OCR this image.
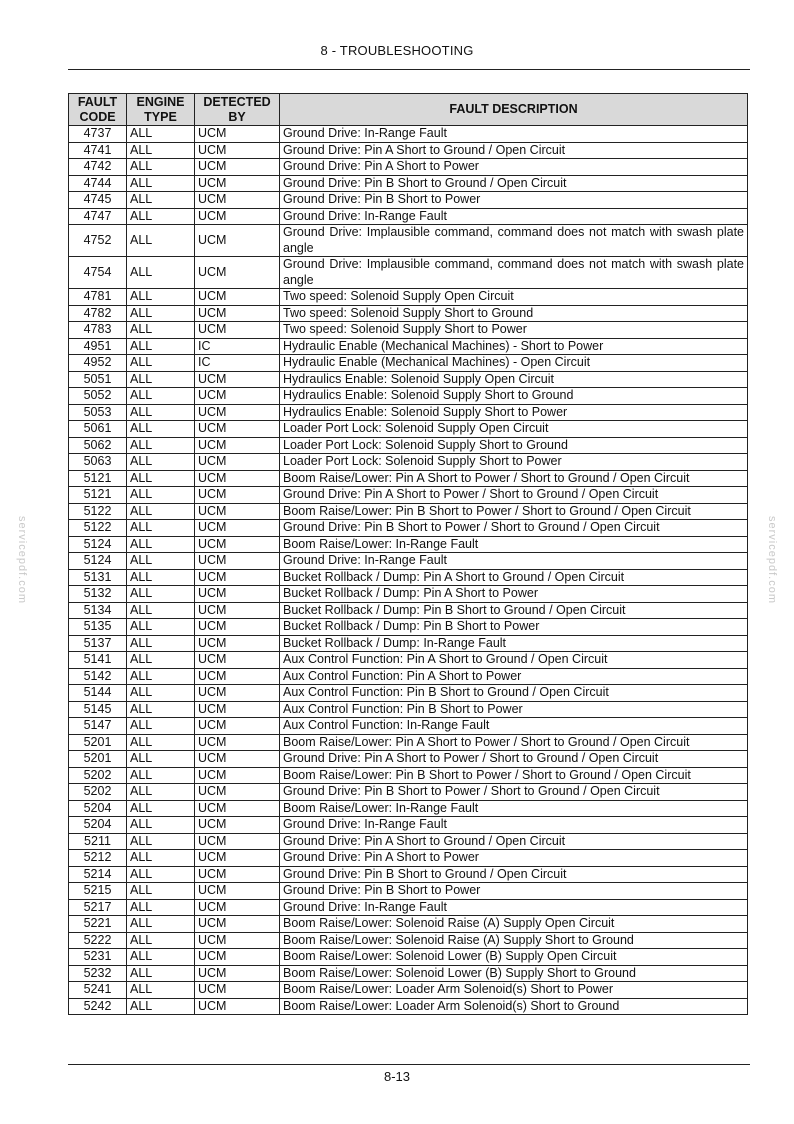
8 - TROUBLESHOOTING
servicepdf.com	servicepdf.com
FAULT CODE	ENGINE TYPE	DETECTED BY	FAULT DESCRIPTION
4737	ALL	UCM	Ground Drive: In-Range Fault
4741	ALL	UCM	Ground Drive: Pin A Short to Ground / Open Circuit
4742	ALL	UCM	Ground Drive: Pin A Short to Power
4744	ALL	UCM	Ground Drive: Pin B Short to Ground / Open Circuit
4745	ALL	UCM	Ground Drive: Pin B Short to Power
4747	ALL	UCM	Ground Drive: In-Range Fault
4752	ALL	UCM	Ground Drive: Implausible command, command does not match with swash plate angle
4754	ALL	UCM	Ground Drive: Implausible command, command does not match with swash plate angle
4781	ALL	UCM	Two speed: Solenoid Supply Open Circuit
4782	ALL	UCM	Two speed: Solenoid Supply Short to Ground
4783	ALL	UCM	Two speed: Solenoid Supply Short to Power
4951	ALL	IC	Hydraulic Enable (Mechanical Machines) - Short to Power
4952	ALL	IC	Hydraulic Enable (Mechanical Machines) - Open Circuit
5051	ALL	UCM	Hydraulics Enable: Solenoid Supply Open Circuit
5052	ALL	UCM	Hydraulics Enable: Solenoid Supply Short to Ground
5053	ALL	UCM	Hydraulics Enable: Solenoid Supply Short to Power
5061	ALL	UCM	Loader Port Lock: Solenoid Supply Open Circuit
5062	ALL	UCM	Loader Port Lock: Solenoid Supply Short to Ground
5063	ALL	UCM	Loader Port Lock: Solenoid Supply Short to Power
5121	ALL	UCM	Boom Raise/Lower: Pin A Short to Power / Short to Ground / Open Circuit
5121	ALL	UCM	Ground Drive: Pin A Short to Power / Short to Ground / Open Circuit
5122	ALL	UCM	Boom Raise/Lower: Pin B Short to Power / Short to Ground / Open Circuit
5122	ALL	UCM	Ground Drive: Pin B Short to Power / Short to Ground / Open Circuit
5124	ALL	UCM	Boom Raise/Lower: In-Range Fault
5124	ALL	UCM	Ground Drive: In-Range Fault
5131	ALL	UCM	Bucket Rollback / Dump: Pin A Short to Ground / Open Circuit
5132	ALL	UCM	Bucket Rollback / Dump: Pin A Short to Power
5134	ALL	UCM	Bucket Rollback / Dump: Pin B Short to Ground / Open Circuit
5135	ALL	UCM	Bucket Rollback / Dump: Pin B Short to Power
5137	ALL	UCM	Bucket Rollback / Dump: In-Range Fault
5141	ALL	UCM	Aux Control Function: Pin A Short to Ground / Open Circuit
5142	ALL	UCM	Aux Control Function: Pin A Short to Power
5144	ALL	UCM	Aux Control Function: Pin B Short to Ground / Open Circuit
5145	ALL	UCM	Aux Control Function: Pin B Short to Power
5147	ALL	UCM	Aux Control Function: In-Range Fault
5201	ALL	UCM	Boom Raise/Lower: Pin A Short to Power / Short to Ground / Open Circuit
5201	ALL	UCM	Ground Drive: Pin A Short to Power / Short to Ground / Open Circuit
5202	ALL	UCM	Boom Raise/Lower: Pin B Short to Power / Short to Ground / Open Circuit
5202	ALL	UCM	Ground Drive: Pin B Short to Power / Short to Ground / Open Circuit
5204	ALL	UCM	Boom Raise/Lower: In-Range Fault
5204	ALL	UCM	Ground Drive: In-Range Fault
5211	ALL	UCM	Ground Drive: Pin A Short to Ground / Open Circuit
5212	ALL	UCM	Ground Drive: Pin A Short to Power
5214	ALL	UCM	Ground Drive: Pin B Short to Ground / Open Circuit
5215	ALL	UCM	Ground Drive: Pin B Short to Power
5217	ALL	UCM	Ground Drive: In-Range Fault
5221	ALL	UCM	Boom Raise/Lower: Solenoid Raise (A) Supply Open Circuit
5222	ALL	UCM	Boom Raise/Lower: Solenoid Raise (A) Supply Short to Ground
5231	ALL	UCM	Boom Raise/Lower: Solenoid Lower (B) Supply Open Circuit
5232	ALL	UCM	Boom Raise/Lower: Solenoid Lower (B) Supply Short to Ground
5241	ALL	UCM	Boom Raise/Lower: Loader Arm Solenoid(s) Short to Power
5242	ALL	UCM	Boom Raise/Lower: Loader Arm Solenoid(s) Short to Ground
8-13
